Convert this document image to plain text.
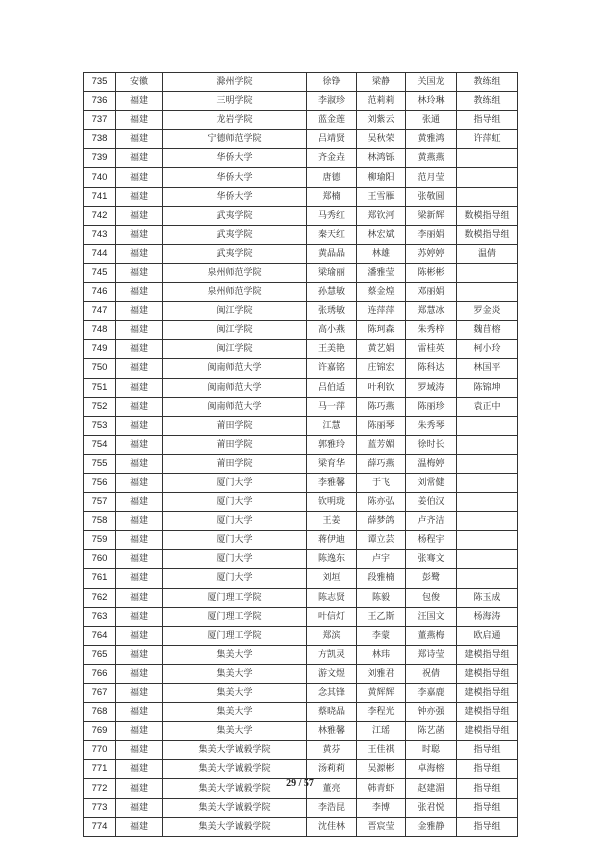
735	安徽	滁州学院	徐铮	梁静	关国龙	教练组
736	福建	三明学院	李淑珍	范莉莉	林玲琳	教练组
737	福建	龙岩学院	蓝金莲	刘紫云	张通	指导组
738	福建	宁德师范学院	吕靖贤	吴秋荣	黄雅鸿	许萍虹
739	福建	华侨大学	齐金垚	林鸿铄	黄燕燕	
740	福建	华侨大学	唐德	柳瑜阳	范月莹	
741	福建	华侨大学	郑楠	王雪雁	张敬圆	
742	福建	武夷学院	马秀红	郑钦河	梁新辉	数模指导组
743	福建	武夷学院	秦天红	林宏斌	李丽娟	数模指导组
744	福建	武夷学院	黄晶晶	林雄	苏婷婷	温倩
745	福建	泉州师范学院	梁瑜丽	潘雅莹	陈彬彬	
746	福建	泉州师范学院	孙慧敏	蔡金煌	邓丽娟	
747	福建	闽江学院	张琇敏	连萍萍	郑慧冰	罗金炎
748	福建	闽江学院	高小燕	陈珂森	朱秀梓	魏苜榕
749	福建	闽江学院	王美艳	黄艺娟	雷桂英	柯小玲
750	福建	闽南师范大学	许嘉铭	庄锦宏	陈科达	林国平
751	福建	闽南师范大学	吕伯适	叶利钦	罗域涛	陈锦坤
752	福建	闽南师范大学	马一萍	陈巧燕	陈丽珍	袁正中
753	福建	莆田学院	江慧	陈丽琴	朱秀琴	
754	福建	莆田学院	郭雅玲	蓝芳媚	徐时长	
755	福建	莆田学院	梁育华	薛巧燕	温梅婷	
756	福建	厦门大学	李雅馨	于飞	刘常健	
757	福建	厦门大学	钦明珑	陈亦弘	姜伯汉	
758	福建	厦门大学	王姜	薛梦鸽	卢齐洁	
759	福建	厦门大学	蒋伊迪	谭立芸	杨程宇	
760	福建	厦门大学	陈逸东	卢宇	张骞文	
761	福建	厦门大学	刘垣	段雅楠	彭鹭	
762	福建	厦门理工学院	陈志贤	陈毅	包俊	陈玉成
763	福建	厦门理工学院	叶信灯	王乙斯	汪国文	杨海涛
764	福建	厦门理工学院	郑滨	李蒙	董燕梅	欧启通
765	福建	集美大学	方凯灵	林玮	郑诗莹	建模指导组
766	福建	集美大学	游文煜	刘雅君	祝倩	建模指导组
767	福建	集美大学	念其锋	黄辉辉	李嘉鹿	建模指导组
768	福建	集美大学	蔡晓晶	李程光	钟亦强	建模指导组
769	福建	集美大学	林雅馨	江瑶	陈艺菡	建模指导组
770	福建	集美大学诚毅学院	黄芬	王佳祺	时聪	指导组
771	福建	集美大学诚毅学院	汤莉莉	吴源彬	卓海榕	指导组
772	福建	集美大学诚毅学院	董亮	韩青虾	赵建湄	指导组
773	福建	集美大学诚毅学院	李浩昆	李博	张君悦	指导组
774	福建	集美大学诚毅学院	沈佳林	晋宸莹	金雅静	指导组
29 / 57
